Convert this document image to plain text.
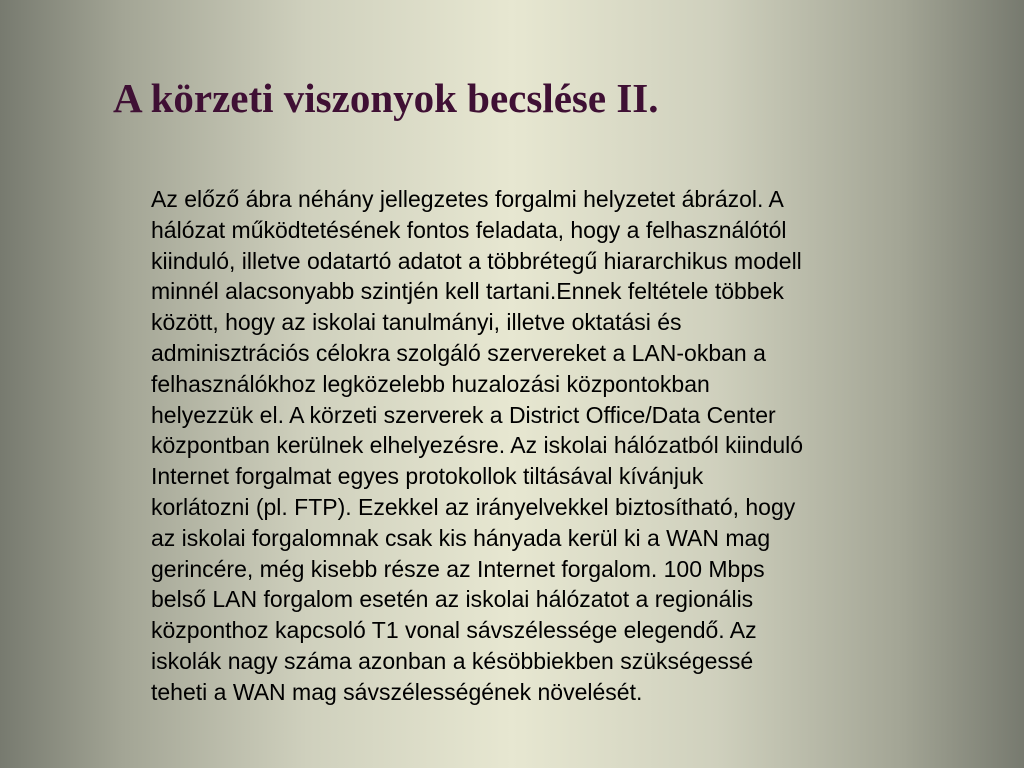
A körzeti viszonyok becslése II.
Az előző ábra néhány jellegzetes forgalmi helyzetet ábrázol. A
hálózat működtetésének fontos feladata, hogy a felhasználótól
kiinduló, illetve odatartó adatot a többrétegű hiararchikus modell
minnél alacsonyabb szintjén kell tartani.Ennek feltétele többek
között, hogy az iskolai tanulmányi, illetve oktatási és
adminisztrációs célokra szolgáló szervereket a LAN-okban a
felhasználókhoz legközelebb huzalozási központokban
helyezzük el. A körzeti szerverek a District Office/Data Center
központban kerülnek elhelyezésre. Az iskolai hálózatból kiinduló
Internet forgalmat egyes protokollok tiltásával kívánjuk
korlátozni (pl. FTP). Ezekkel az irányelvekkel biztosítható, hogy
az iskolai forgalomnak csak kis hányada kerül ki a WAN mag
gerincére, még kisebb része az Internet forgalom. 100 Mbps
belső LAN forgalom esetén az iskolai hálózatot a regionális
központhoz kapcsoló T1 vonal sávszélessége elegendő. Az
iskolák nagy száma azonban a késöbbiekben szükségessé
teheti a WAN mag sávszélességének növelését.
